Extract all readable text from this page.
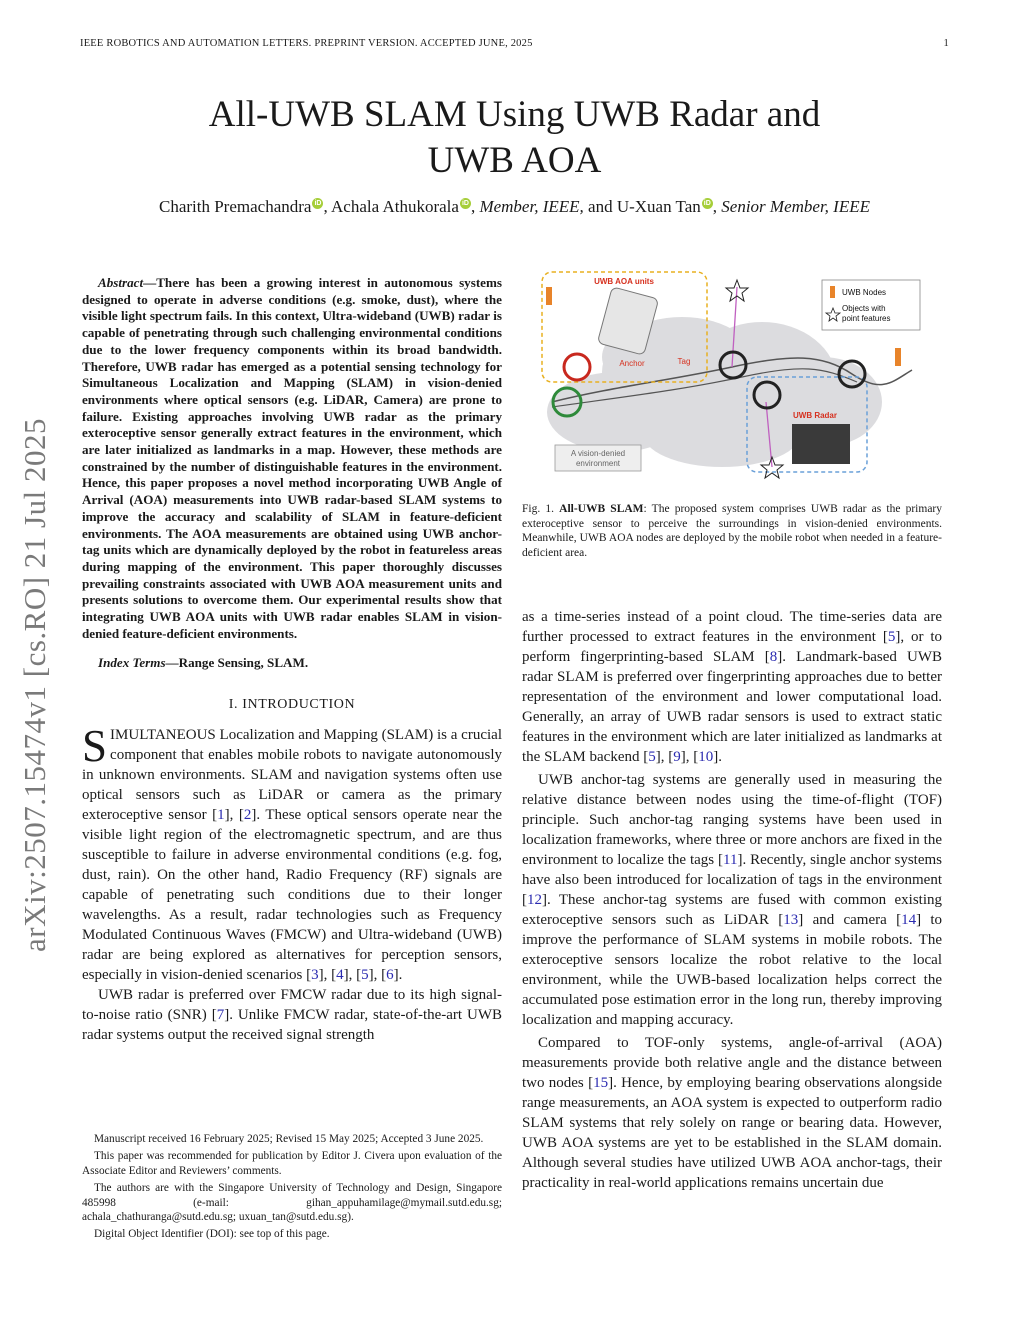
IEEE ROBOTICS AND AUTOMATION LETTERS. PREPRINT VERSION. ACCEPTED JUNE, 2025	1
All-UWB SLAM Using UWB Radar and
UWB AOA
Charith Premachandra iD , Achala Athukorala iD , Member, IEEE, and U-Xuan Tan iD , Senior Member, IEEE
arXiv:2507.15474v1 [cs.RO] 21 Jul 2025

Abstract—There has been a growing interest in autonomous systems designed to operate in adverse conditions (e.g. smoke, dust), where the visible light spectrum fails. In this context, Ultra-wideband (UWB) radar is capable of penetrating through such challenging environmental conditions due to the lower frequency components within its broad bandwidth. Therefore, UWB radar has emerged as a potential sensing technology for Simultaneous Localization and Mapping (SLAM) in vision-denied environments where optical sensors (e.g. LiDAR, Camera) are prone to failure. Existing approaches involving UWB radar as the primary exteroceptive sensor generally extract features in the environment, which are later initialized as landmarks in a map. However, these methods are constrained by the number of distinguishable features in the environment. Hence, this paper proposes a novel method incorporating UWB Angle of Arrival (AOA) measurements into UWB radar-based SLAM systems to improve the accuracy and scalability of SLAM in feature-deficient environments. The AOA measurements are obtained using UWB anchor-tag units which are dynamically deployed by the robot in featureless areas during mapping of the environment. This paper thoroughly discusses prevailing constraints associated with UWB AOA measurement units and presents solutions to overcome them. Our experimental results show that integrating UWB AOA units with UWB radar enables SLAM in vision-denied feature-deficient environments.

Index Terms—Range Sensing, SLAM.

I. INTRODUCTION

SIMULTANEOUS Localization and Mapping (SLAM) is a crucial component that enables mobile robots to navigate autonomously in unknown environments. SLAM and navigation systems often use optical sensors such as LiDAR or camera as the primary exteroceptive sensor [1], [2]. These optical sensors operate near the visible light region of the electromagnetic spectrum, and are thus susceptible to failure in adverse environmental conditions (e.g. fog, dust, rain). On the other hand, Radio Frequency (RF) signals are capable of penetrating such conditions due to their longer wavelengths. As a result, radar technologies such as Frequency Modulated Continuous Waves (FMCW) and Ultra-wideband (UWB) radar are being explored as alternatives for perception sensors, especially in vision-denied scenarios [3], [4], [5], [6].

UWB radar is preferred over FMCW radar due to its high signal-to-noise ratio (SNR) [7]. Unlike FMCW radar, state-of-the-art UWB radar systems output the received signal strength

Manuscript received 16 February 2025; Revised 15 May 2025; Accepted 3 June 2025.

This paper was recommended for publication by Editor J. Civera upon evaluation of the Associate Editor and Reviewers’ comments.

The authors are with the Singapore University of Technology and Design, Singapore 485998 (e-mail: gihan_appuhamilage@mymail.sutd.edu.sg; achala_chathuranga@sutd.edu.sg; uxuan_tan@sutd.edu.sg).

Digital Object Identifier (DOI): see top of this page.

UWB AOA units
Anchor	Tag
UWB Radar
UWB Nodes
Objects with
point features
A vision-denied
environment
Fig. 1. All-UWB SLAM: The proposed system comprises UWB radar as the primary exteroceptive sensor to perceive the surroundings in vision-denied environments. Meanwhile, UWB AOA nodes are deployed by the mobile robot when needed in a feature-deficient area.

as a time-series instead of a point cloud. The time-series data are further processed to extract features in the environment [5], or to perform fingerprinting-based SLAM [8]. Landmark-based UWB radar SLAM is preferred over fingerprinting approaches due to better representation of the environment and lower computational load. Generally, an array of UWB radar sensors is used to extract static features in the environment which are later initialized as landmarks at the SLAM backend [5], [9], [10].

UWB anchor-tag systems are generally used in measuring the relative distance between nodes using the time-of-flight (TOF) principle. Such anchor-tag ranging systems have been used in localization frameworks, where three or more anchors are fixed in the environment to localize the tags [11]. Recently, single anchor systems have also been introduced for localization of tags in the environment [12]. These anchor-tag systems are fused with common existing exteroceptive sensors such as LiDAR [13] and camera [14] to improve the performance of SLAM systems in mobile robots. The exteroceptive sensors localize the robot relative to the local environment, while the UWB-based localization helps correct the accumulated pose estimation error in the long run, thereby improving localization and mapping accuracy.

Compared to TOF-only systems, angle-of-arrival (AOA) measurements provide both relative angle and the distance between two nodes [15]. Hence, by employing bearing observations alongside range measurements, an AOA system is expected to outperform radio SLAM systems that rely solely on range or bearing data. However, UWB AOA systems are yet to be established in the SLAM domain. Although several studies have utilized UWB AOA anchor-tags, their practicality in real-world applications remains uncertain due
